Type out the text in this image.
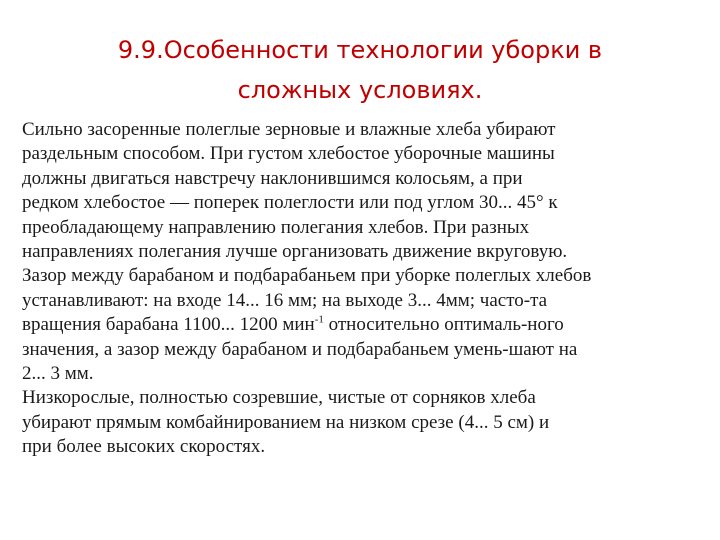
9.9.Особенности технологии уборки в
сложных условиях.

Сильно засоренные полеглые зерновые и влажные хлеба убирают
раздельным способом. При густом хлебостое уборочные машины
должны двигаться навстречу наклонившимся колосьям, а при
редком хлебостое — поперек полеглости или под углом 30... 45° к
преобладающему направлению полегания хлебов. При разных
направлениях полегания лучше организовать движение вкруговую.

Зазор между барабаном и подбарабаньем при уборке полеглых хлебов
устанавливают: на входе 14... 16 мм; на выходе 3... 4мм; часто-та
вращения барабана 1100... 1200 мин$^{-1}$ относительно оптималь-ного
значения, а зазор между барабаном и подбарабаньем умень-шают на
2... 3 мм.

Низкорослые, полностью созревшие, чистые от сорняков хлеба
убирают прямым комбайнированием на низком срезе (4... 5 см) и
при более высоких скоростях.
